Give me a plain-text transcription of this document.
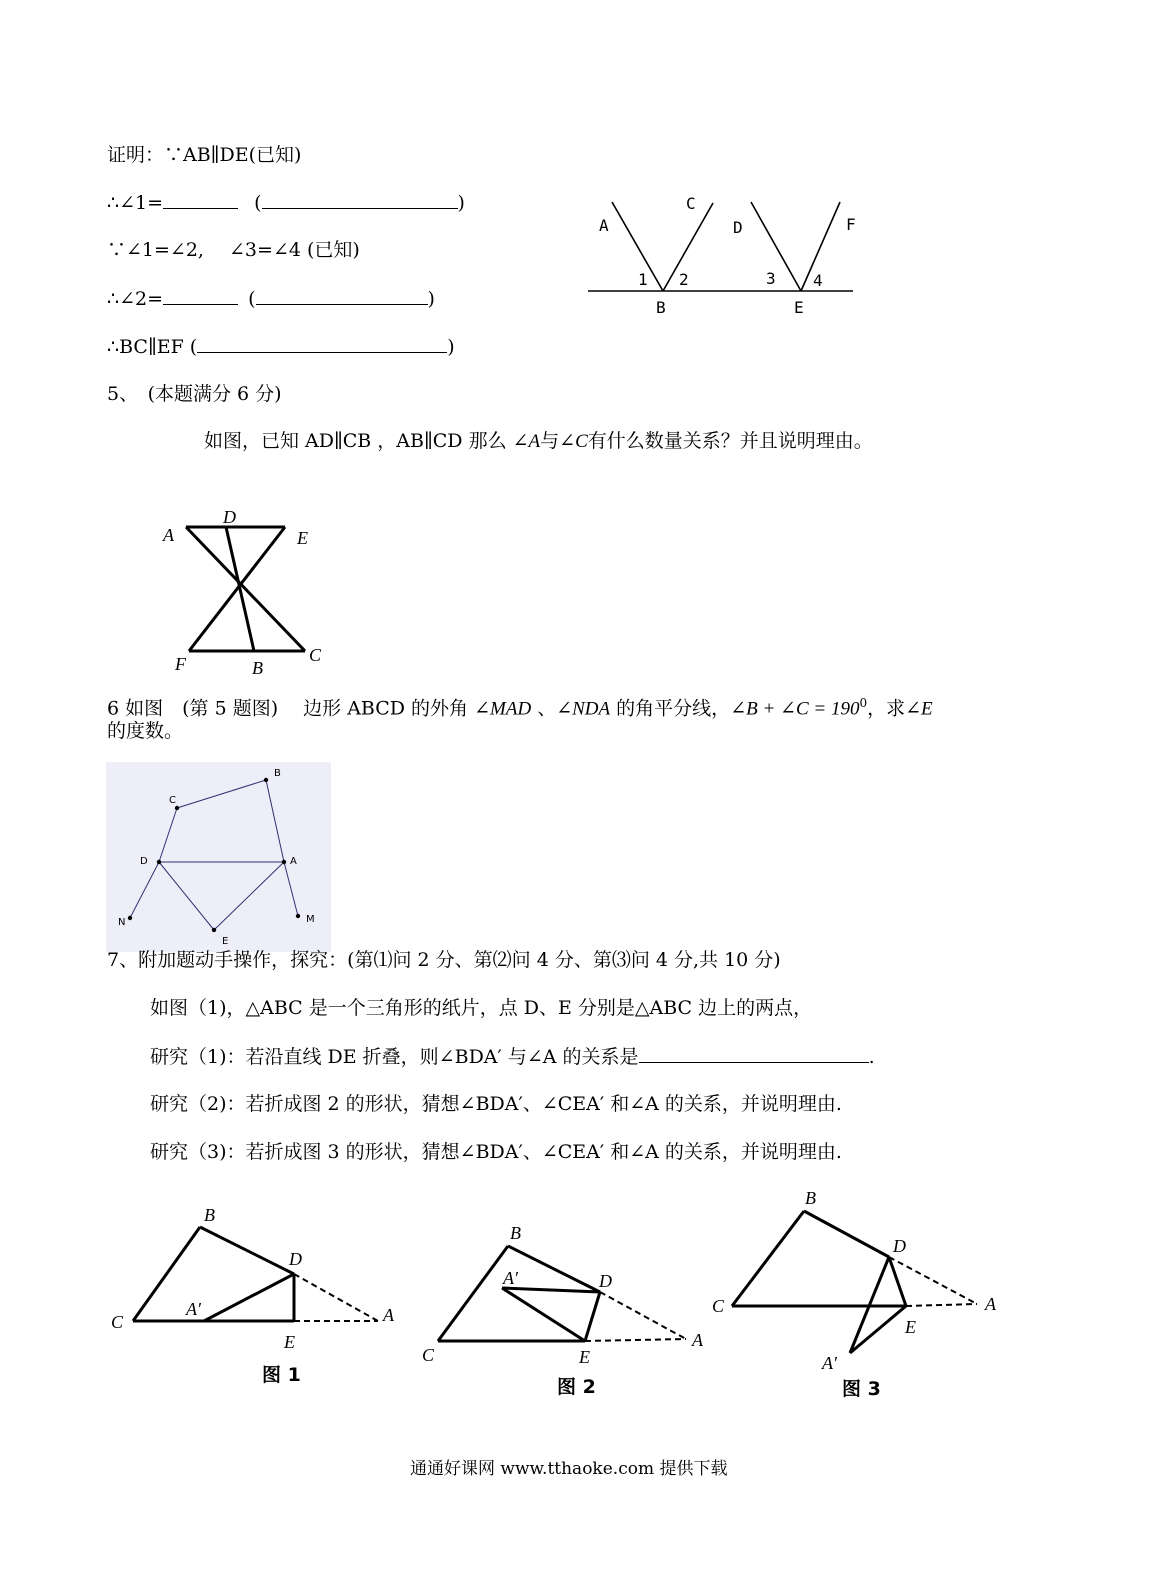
证明：∵AB∥DE(已知)
∴∠1=	(	)
∵∠1=∠2,　 ∠3=∠4 (已知)
∴∠2=	(	)
∴BC∥EF (	)
A
C
D	F
1 2	3 4
B	E
5、　(本题满分 6 分)
如图，已知 AD∥CB ，AB∥CD 那么 ∠A与∠C有什么数量关系？并且说明理由。
A
D
E
F	B
C
6 如图　(第 5 题图)　 边形 ABCD 的外角 ∠MAD 、∠NDA 的角平分线，∠B + ∠C = $190^0$，求∠E
的度数。
B
C
D	A
N
E
M
7、附加题动手操作，探究：(第⑴问 2 分、第⑵问 4 分、第⑶问 4 分,共 10 分)
如图（1)，△ABC 是一个三角形的纸片，点 D、E 分别是△ABC 边上的两点，
研究（1)：若沿直线 DE 折叠，则∠BDA′ 与∠A 的关系是	.
研究（2)：若折成图 2 的形状，猜想∠BDA′、∠CEA′ 和∠A 的关系，并说明理由.
研究（3)：若折成图 3 的形状，猜想∠BDA′、∠CEA′ 和∠A 的关系，并说明理由.
B
D
C
A′	A
E
图 1
B
A′	D
C	E
A
图 2
B
D
C	A
E
A′
图 3
通通好课网 www.tthaoke.com 提供下载
